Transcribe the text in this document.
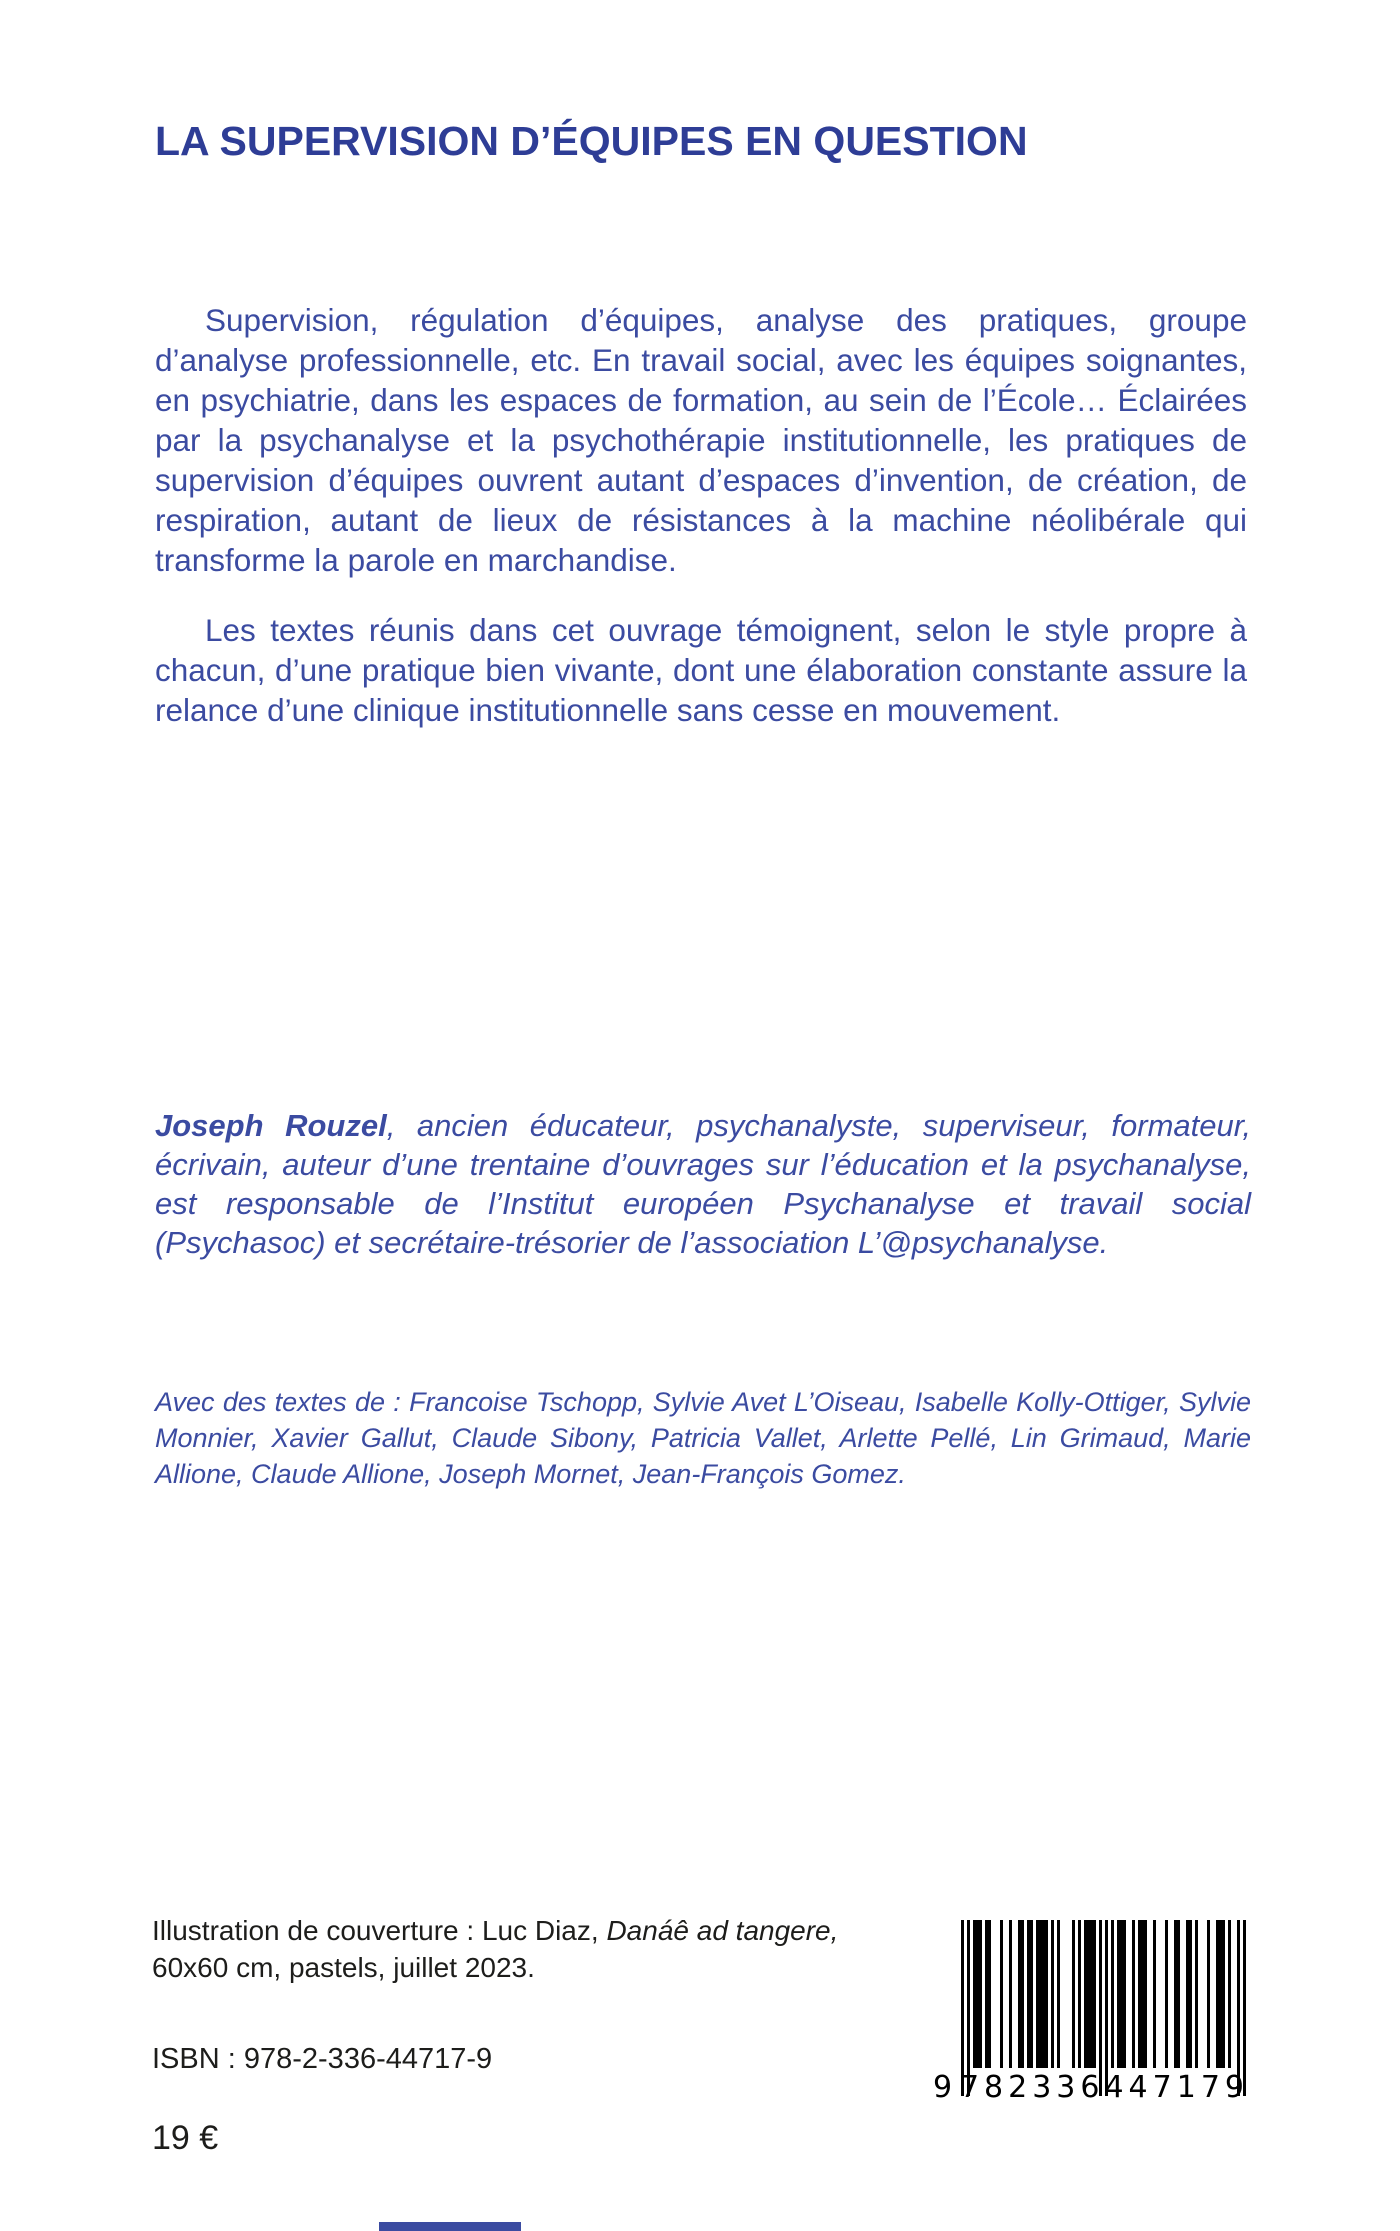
LA SUPERVISION D’ÉQUIPES EN QUESTION

Supervision, régulation d’équipes, analyse des pratiques, groupe d’analyse professionnelle, etc. En travail social, avec les équipes soignantes, en psychiatrie, dans les espaces de formation, au sein de l’École… Éclairées par la psychanalyse et la psychothérapie institutionnelle, les pratiques de supervision d’équipes ouvrent autant d’espaces d’invention, de création, de respiration, autant de lieux de résistances à la machine néolibérale qui transforme la parole en marchandise.

Les textes réunis dans cet ouvrage témoignent, selon le style propre à chacun, d’une pratique bien vivante, dont une élaboration constante assure la relance d’une clinique institutionnelle sans cesse en mouvement.

Joseph Rouzel, ancien éducateur, psychanalyste, superviseur, formateur, écrivain, auteur d’une trentaine d’ouvrages sur l’éducation et la psychanalyse, est responsable de l’Institut européen Psychanalyse et travail social (Psychasoc) et secrétaire-trésorier de l’association L’@psychanalyse.

Avec des textes de : Francoise Tschopp, Sylvie Avet L’Oiseau, Isabelle Kolly-Ottiger, Sylvie Monnier, Xavier Gallut, Claude Sibony, Patricia Vallet, Arlette Pellé, Lin Grimaud, Marie Allione, Claude Allione, Joseph Mornet, Jean-François Gomez.

Illustration de couverture : Luc Diaz, Danáê ad tangere,

60x60 cm, pastels, juillet 2023.

ISBN : 978-2-336-44717-9

19 €

9 782336 447179
